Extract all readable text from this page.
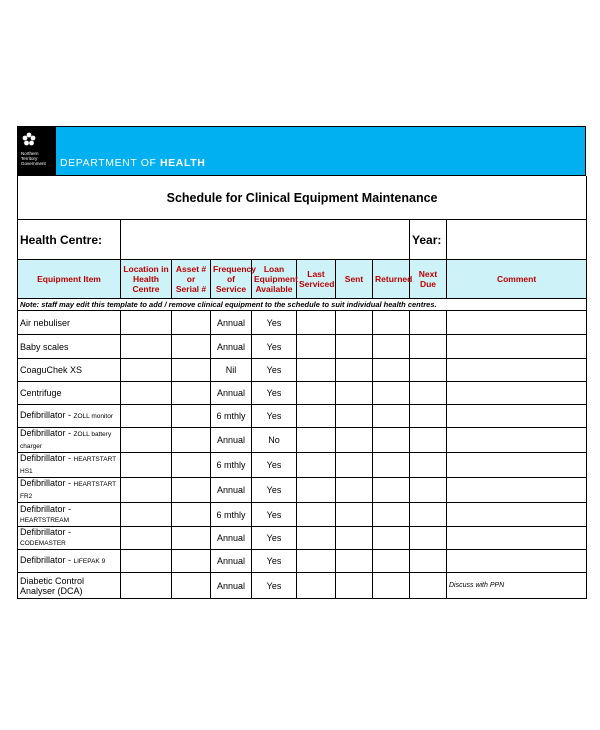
Northern
Territory
Government	DEPARTMENT OF HEALTH
Schedule for Clinical Equipment Maintenance									
Health Centre:								Year:	
Equipment Item	Location in Health Centre	Asset # or Serial #	Frequency of Service	Loan Equipment Available	Last Serviced	Sent	Returned	Next Due	Comment
Note: staff may edit this template to add / remove clinical equipment to the schedule to suit individual health centres.									
Air nebuliser			Annual	Yes					
Baby scales			Annual	Yes					
CoaguChek XS			Nil	Yes					
Centrifuge			Annual	Yes					
Defibrillator - ZOLL monitor			6 mthly	Yes					
Defibrillator - ZOLL battery charger			Annual	No					
Defibrillator - HEARTSTART HS1			6 mthly	Yes					
Defibrillator - HEARTSTART FR2			Annual	Yes					
Defibrillator - HEARTSTREAM			6 mthly	Yes					
Defibrillator - CODEMASTER			Annual	Yes					
Defibrillator - LIFEPAK 9			Annual	Yes					
Diabetic Control Analyser (DCA)			Annual	Yes					Discuss with PPN
